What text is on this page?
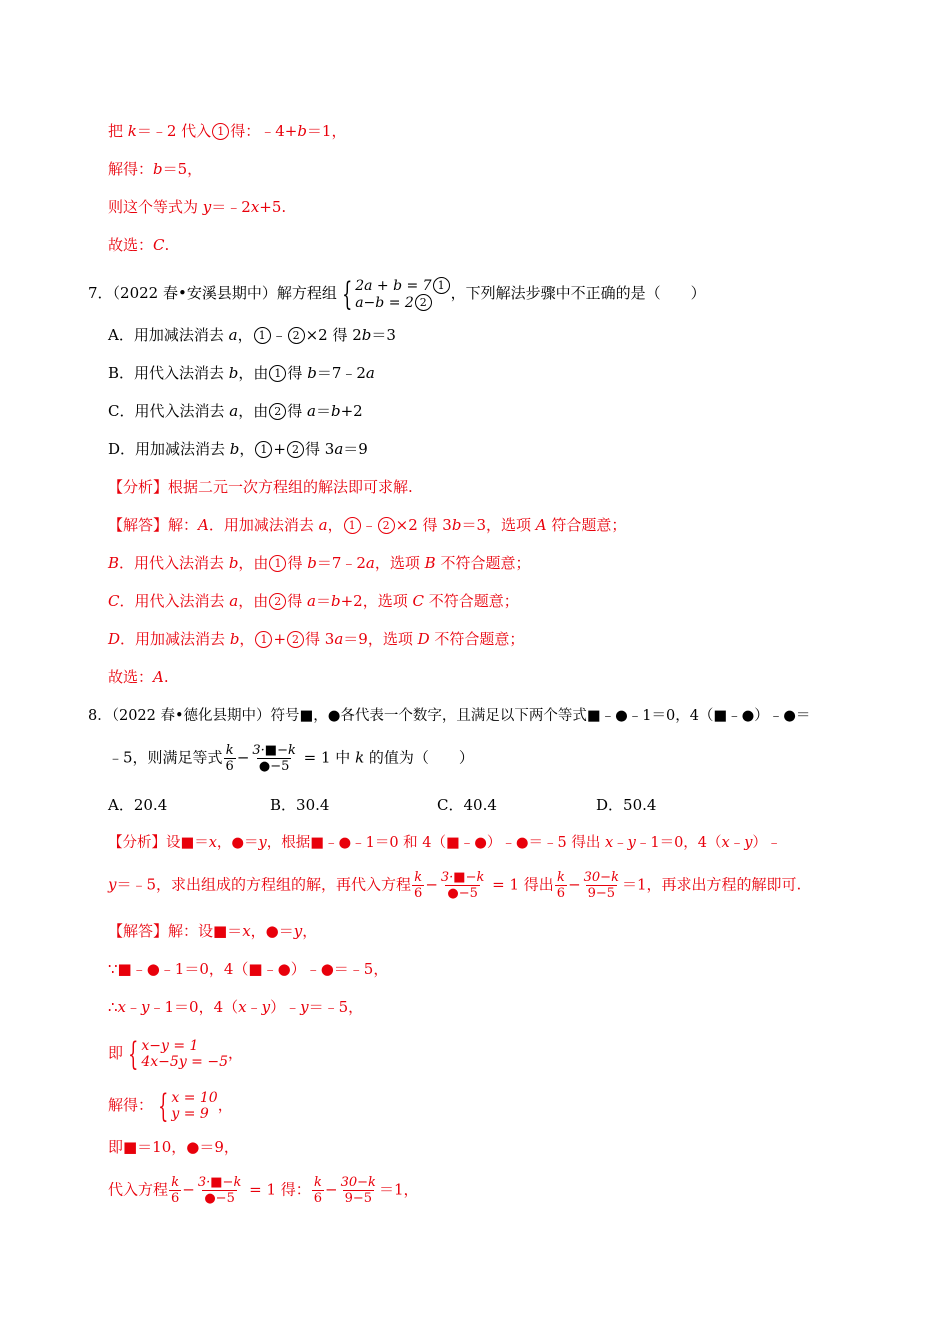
把 k＝﹣2 代入 1 得：﹣4+b＝1，
解得：b＝5，
则这个等式为 y＝﹣2x+5.
故选：C.
7．（2022 春•安溪县期中）解方程组 { 2a + b = 7 1
a−b = 2 2
，下列解法步骤中不正确的是（　　）
A．用加减法消去 a， 1 ﹣ 2 ×2 得 2b＝3
B．用代入法消去 b，由 1 得 b＝7﹣2a
C．用代入法消去 a，由 2 得 a＝b+2
D．用加减法消去 b， 1 + 2 得 3a＝9
【分析】根据二元一次方程组的解法即可求解.
【解答】解：A．用加减法消去 a， 1 ﹣ 2 ×2 得 3b＝3，选项 A 符合题意；
B．用代入法消去 b，由 1 得 b＝7﹣2a，选项 B 不符合题意；
C．用代入法消去 a，由 2 得 a＝b+2，选项 C 不符合题意；
D．用加减法消去 b， 1 + 2 得 3a＝9，选项 D 不符合题意；
故选：A.
8．（2022 春•德化县期中）符号■，●各代表一个数字，且满足以下两个等式■﹣●﹣1＝0，4（■﹣●）﹣●＝
﹣5，则满足等式 $\frac{k}{6} - \frac{3\cdot■-k}{●-5} = 1$ 中 k 的值为（　　）
A．20.4	B．30.4	C．40.4	D．50.4
【分析】设■＝x，●＝y，根据■﹣●﹣1＝0 和 4（■﹣●）﹣●＝﹣5 得出 x﹣y﹣1＝0，4（x﹣y）﹣
y＝﹣5，求出组成的方程组的解，再代入方程 $\frac{k}{6} - \frac{3\cdot■-k}{●-5} = 1$ 得出 $\frac{k}{6} - \frac{30-k}{9-5} =1$，再求出方程的解即可.
【解答】解：设■＝x，●＝y，
∵■﹣●﹣1＝0，4（■﹣●）﹣●＝﹣5，
∴x﹣y﹣1＝0，4（x﹣y）﹣y＝﹣5，
即 { x−y = 1
4x−5y = −5 ，
解得： { x = 10
y = 9 ，
即■＝10，●＝9，
代入方程 $\frac{k}{6} - \frac{3\cdot■-k}{●-5} = 1$ 得： $\frac{k}{6} - \frac{30-k}{9-5} =1$，
